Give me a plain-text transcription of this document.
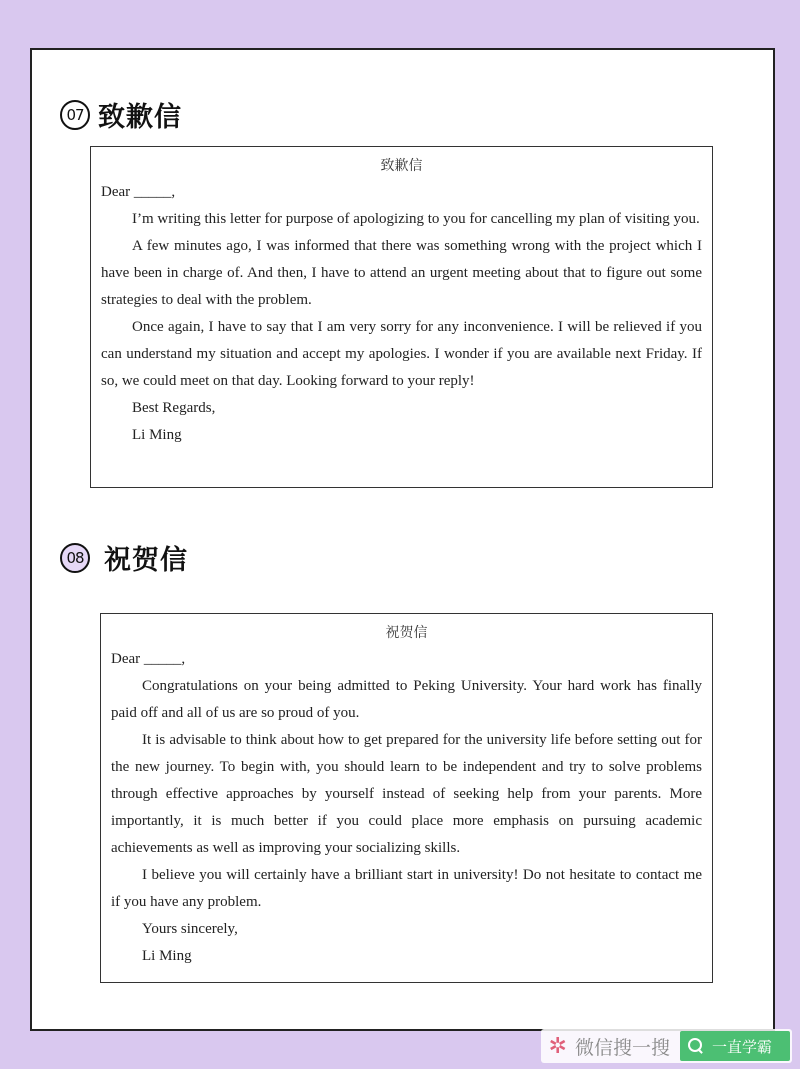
07 致歉信
致歉信
Dear _____,

I’m writing this letter for purpose of apologizing to you for cancelling my plan of visiting you.

A few minutes ago, I was informed that there was something wrong with the project which I have been in charge of. And then, I have to attend an urgent meeting about that to figure out some strategies to deal with the problem.

Once again, I have to say that I am very sorry for any inconvenience. I will be relieved if you can understand my situation and accept my apologies. I wonder if you are available next Friday. If so, we could meet on that day. Looking forward to your reply!

Best Regards,
Li Ming
08 祝贺信
祝贺信
Dear _____,

Congratulations on your being admitted to Peking University. Your hard work has finally paid off and all of us are so proud of you.

It is advisable to think about how to get prepared for the university life before setting out for the new journey. To begin with, you should learn to be independent and try to solve problems through effective approaches by yourself instead of seeking help from your parents. More importantly, it is much better if you could place more emphasis on pursuing academic achievements as well as improving your socializing skills.

I believe you will certainly have a brilliant start in university! Do not hesitate to contact me if you have any problem.

Yours sincerely,
Li Ming
✲ 微信搜一搜	一直学霸
